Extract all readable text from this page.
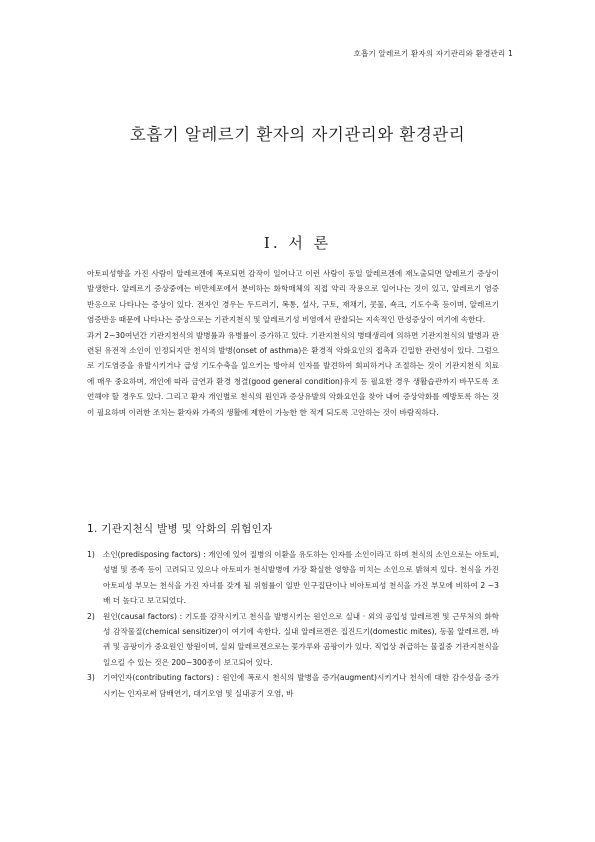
호흡기 알레르기 환자의 자기관리와 환경관리 1
호흡기 알레르기 환자의 자기관리와 환경관리
Ⅰ. 서 론

아토피성향을 가진 사람이 알레르겐에 폭로되면 감작이 일어나고 이런 사람이 동일 알레르겐에 재노출되면 알레르기 증상이 발생한다. 알레르기 증상중에는 비만세포에서 분비하는 화학매체의 직접 약리 작용으로 일어나는 것이 있고, 알레르기 염증 반응으로 나타나는 증상이 있다. 전자인 경우는 두드러기, 복통, 설사, 구토, 재채기, 콧물, 쇽크, 기도수축 등이며, 알레르기 염증반응 때문에 나타나는 증상으로는 기관지천식 및 알레르기성 비염에서 관찰되는 지속적인 만성증상이 여기에 속한다.

과거 2~30여년간 기관지천식의 발병률과 유병률이 증가하고 있다. 기관지천식의 병태생리에 의하면 기관지천식의 발병과 관련된 유전적 소인이 인정되지만 천식의 발병(onset of asthma)은 환경적 악화요인의 접촉과 긴밀한 관련성이 있다. 그럼으로 기도염증을 유발시키거나 급성 기도수축을 일으키는 방아쇠 인자를 발견하여 회피하거나 조절하는 것이 기관지천식 치료에 매우 중요하며, 개인에 따라 금연과 환경 청결(good general condition)유지 등 필요한 경우 생활습관까지 바꾸도록 조언해야 할 경우도 있다. 그리고 환자 개인별로 천식의 원인과 증상유발의 악화요인을 찾아 내어 증상악화를 예방토록 하는 것이 필요하며 이러한 조치는 환자와 가족의 생활에 제한이 가능한 한 적게 되도록 고안하는 것이 바람직하다.

1. 기관지천식 발병 및 악화의 위험인자
1) 소인(predisposing factors) : 개인에 있어 질병의 이환을 유도하는 인자를 소인이라고 하며 천식의 소인으로는 아토피, 성별 및 종족 등이 고려되고 있으나 아토피가 천식발병에 가장 확실한 영향을 미치는 소인으로 밝혀져 있다. 천식을 가진 아토피성 부모는 천식을 가진 자녀를 갖게 될 위험률이 일반 인구집단이나 비아토피성 천식을 가진 부모에 비하여 2 ~3배 더 높다고 보고되었다.
2) 원인(causal factors) : 기도를 감작시키고 천식을 발병시키는 원인으로 실내 · 외의 공입성 알레르겐 및 근무처의 화학성 감작물질(chemical sensitizer)이 여기에 속한다. 실내 알레르겐은 집진드기(domestic mites), 동물 알레르겐, 바퀴 및 곰팡이가 중요원인 항원이며, 실외 알레르겐으로는 꽃가루와 곰팡이가 있다. 직업상 취급하는 물질중 기관지천식을 일으킬 수 있는 것은 200~300종이 보고되어 있다.
3) 기여인자(contributing factors) : 원인에 폭로시 천식의 발병을 증가(augment)시키거나 천식에 대한 감수성을 증가시키는 인자로써 담배연기, 대기오염 및 실내공기 오염, 바
